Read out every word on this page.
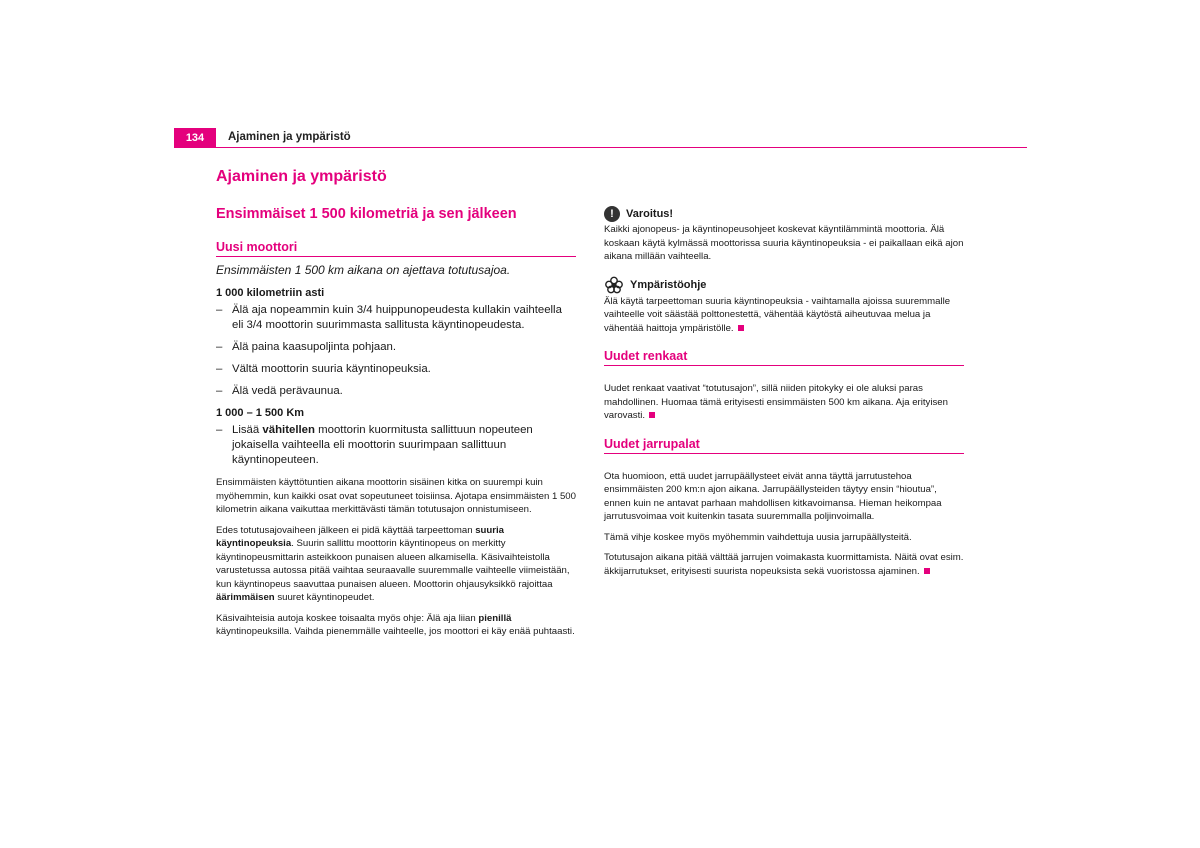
134	Ajaminen ja ympäristö
Ajaminen ja ympäristö
Ensimmäiset 1 500 kilometriä ja sen jälkeen
Uusi moottori
Ensimmäisten 1 500 km aikana on ajettava totutusajoa.
1 000 kilometriin asti
– Älä aja nopeammin kuin 3/4 huippunopeudesta kullakin vaihteella eli 3/4 moottorin suurimmasta sallitusta käyntinopeudesta.
– Älä paina kaasupoljinta pohjaan.
– Vältä moottorin suuria käyntinopeuksia.
– Älä vedä perävaunua.
1 000 – 1 500 Km
– Lisää vähitellen moottorin kuormitusta sallittuun nopeuteen jokaisella vaihteella eli moottorin suurimpaan sallittuun käyntinopeuteen.

Ensimmäisten käyttötuntien aikana moottorin sisäinen kitka on suurempi kuin myöhemmin, kun kaikki osat ovat sopeutuneet toisiinsa. Ajotapa ensimmäisten 1 500 kilometrin aikana vaikuttaa merkittävästi tämän totutusajon onnistumiseen.

Edes totutusajovaiheen jälkeen ei pidä käyttää tarpeettoman suuria käyntinopeuksia. Suurin sallittu moottorin käyntinopeus on merkitty käyntinopeusmittarin asteikkoon punaisen alueen alkamisella. Käsivaihteistolla varustetussa autossa pitää vaihtaa seuraavalle suuremmalle vaihteelle viimeistään, kun käyntinopeus saavuttaa punaisen alueen. Moottorin ohjausyksikkö rajoittaa äärimmäisen suuret käyntinopeudet.

Käsivaihteisia autoja koskee toisaalta myös ohje: Älä aja liian pienillä käyntinopeuksilla. Vaihda pienemmälle vaihteelle, jos moottori ei käy enää puhtaasti.

!	Varoitus!

Kaikki ajonopeus- ja käyntinopeusohjeet koskevat käyntilämmintä moottoria. Älä koskaan käytä kylmässä moottorissa suuria käyntinopeuksia - ei paikallaan eikä ajon aikana millään vaihteella.

Ympäristöohje

Älä käytä tarpeettoman suuria käyntinopeuksia - vaihtamalla ajoissa suuremmalle vaihteelle voit säästää polttonestettä, vähentää käytöstä aiheutuvaa melua ja vähentää haittoja ympäristölle.

Uudet renkaat

Uudet renkaat vaativat “totutusajon”, sillä niiden pitokyky ei ole aluksi paras mahdollinen. Huomaa tämä erityisesti ensimmäisten 500 km aikana. Aja erityisen varovasti.

Uudet jarrupalat

Ota huomioon, että uudet jarrupäällysteet eivät anna täyttä jarrutustehoa ensimmäisten 200 km:n ajon aikana. Jarrupäällysteiden täytyy ensin “hioutua”, ennen kuin ne antavat parhaan mahdollisen kitkavoimansa. Hieman heikompaa jarrutusvoimaa voit kuitenkin tasata suuremmalla poljinvoimalla.

Tämä vihje koskee myös myöhemmin vaihdettuja uusia jarrupäällysteitä.

Totutusajon aikana pitää välttää jarrujen voimakasta kuormittamista. Näitä ovat esim. äkkijarrutukset, erityisesti suurista nopeuksista sekä vuoristossa ajaminen.
